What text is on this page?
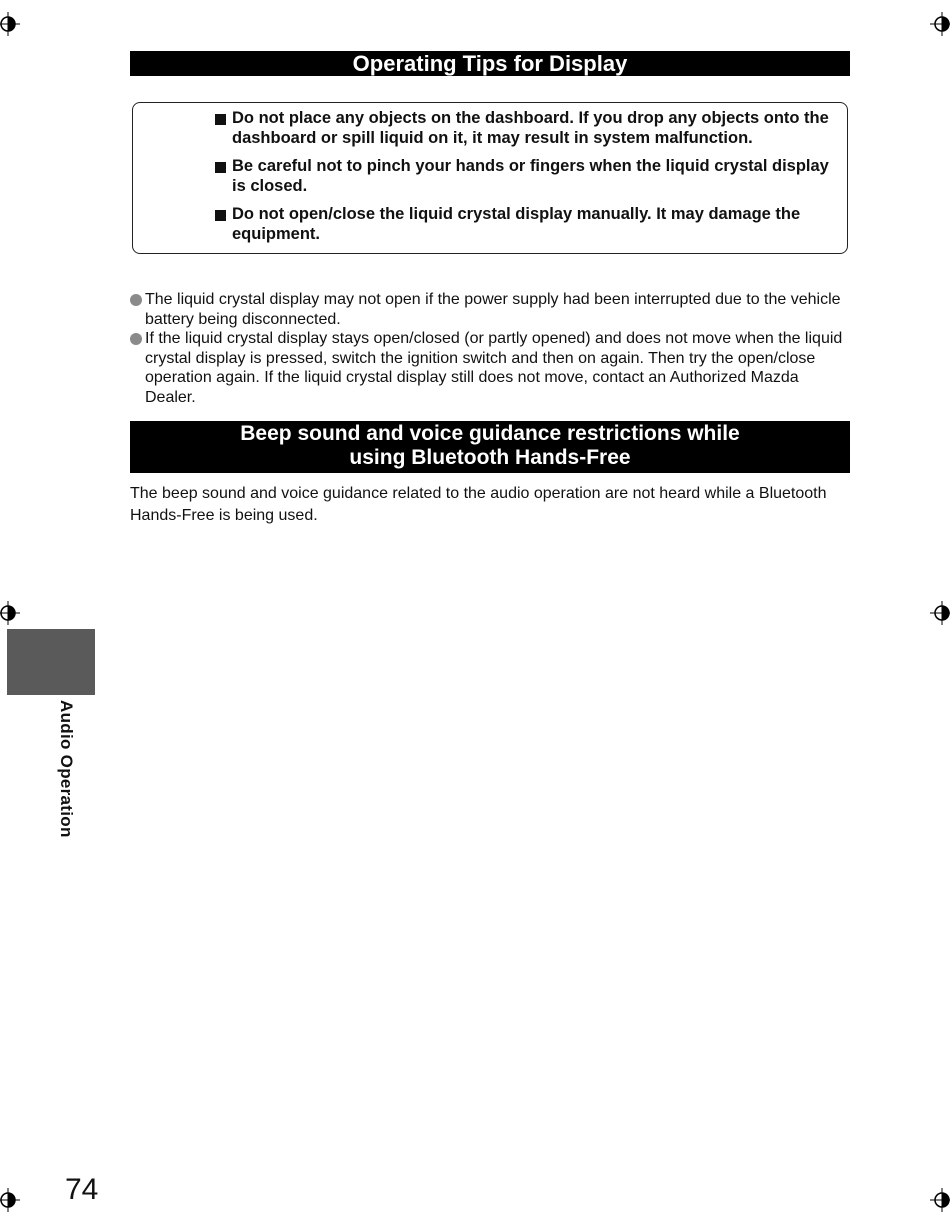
Operating Tips for Display
Do not place any objects on the dashboard. If you drop any objects onto the dashboard or spill liquid on it, it may result in system malfunction.
Be careful not to pinch your hands or fingers when the liquid crystal display is closed.
Do not open/close the liquid crystal display manually. It may damage the equipment.
The liquid crystal display may not open if the power supply had been interrupted due to the vehicle battery being disconnected.
If the liquid crystal display stays open/closed (or partly opened) and does not move when the liquid crystal display is pressed, switch the ignition switch and then on again. Then try the open/close operation again. If the liquid crystal display still does not move, contact an Authorized Mazda Dealer.
Beep sound and voice guidance restrictions while
using Bluetooth Hands-Free

The beep sound and voice guidance related to the audio operation are not heard while a Bluetooth Hands-Free is being used.

Audio Operation
74
